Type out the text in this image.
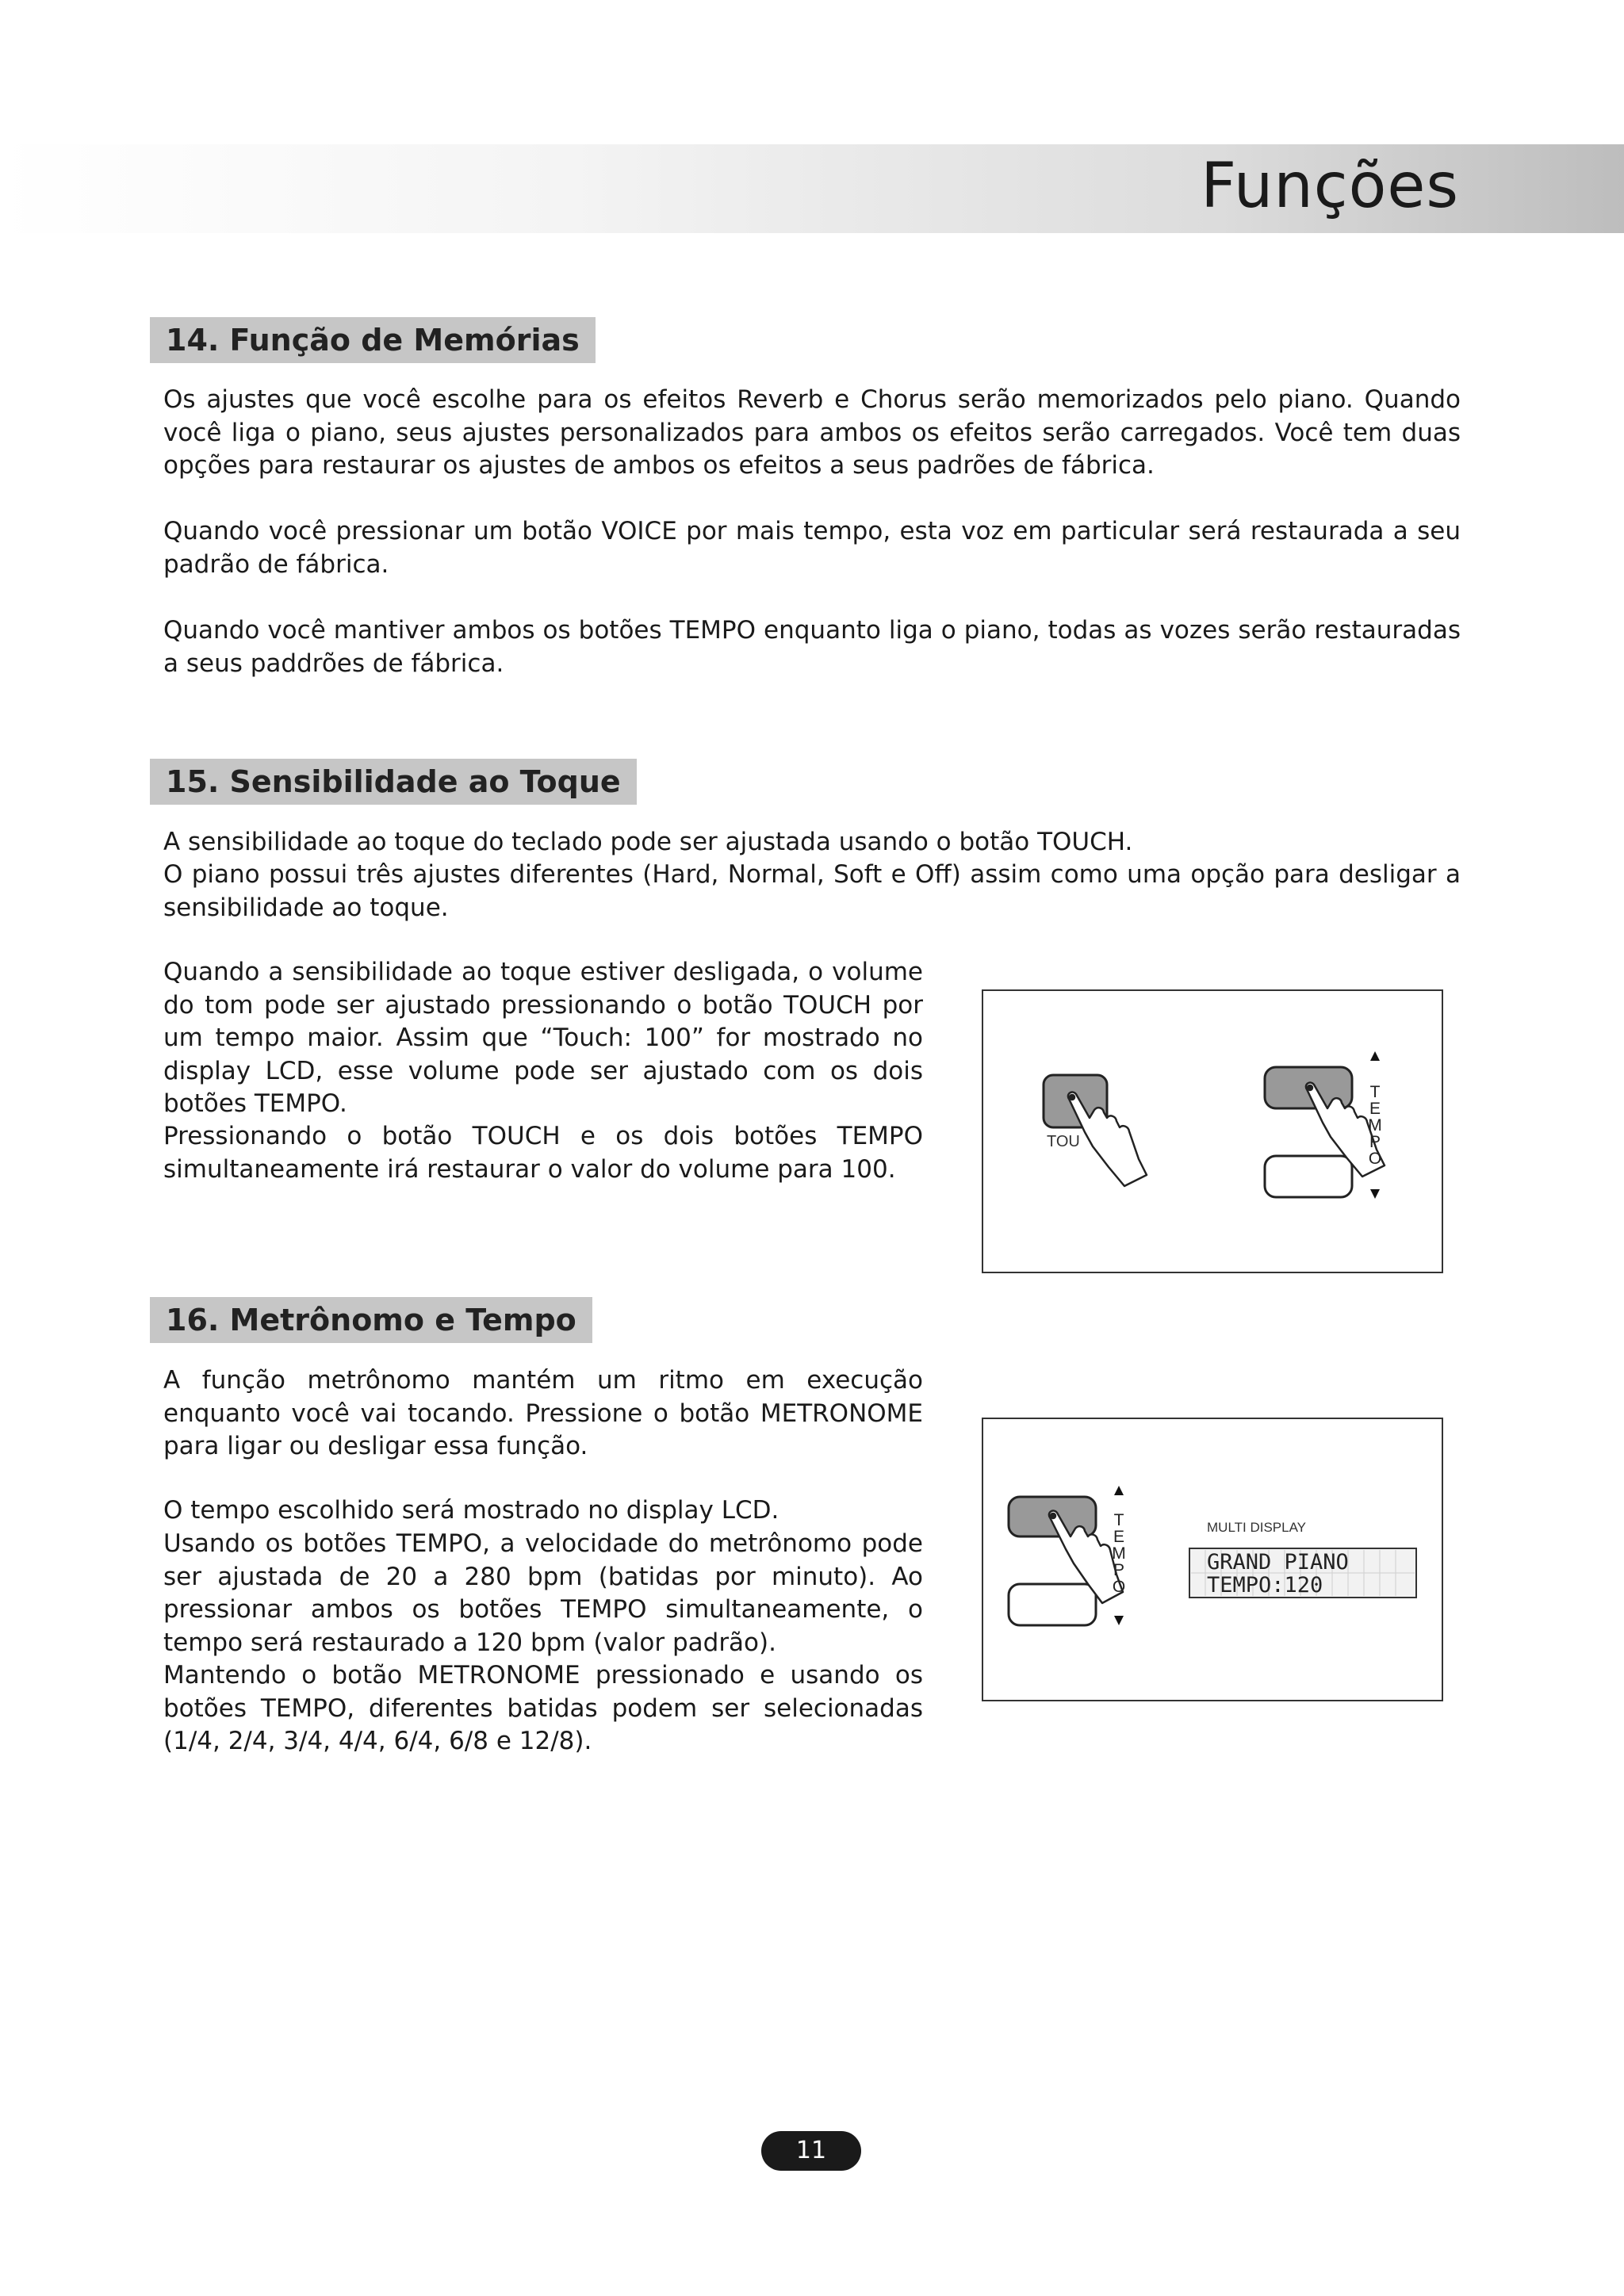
Funções
14. Função de Memórias

Os ajustes que você escolhe para os efeitos Reverb e Chorus serão memorizados pelo piano. Quando você liga o piano, seus ajustes personalizados para ambos os efeitos serão carregados. Você tem duas opções para restaurar os ajustes de ambos os efeitos a seus padrões de fábrica.

Quando você pressionar um botão VOICE por mais tempo, esta voz em particular será restaurada a seu padrão de fábrica.

Quando você mantiver ambos os botões TEMPO enquanto liga o piano, todas as vozes serão restauradas a seus paddrões de fábrica.

15. Sensibilidade ao Toque

A sensibilidade ao toque do teclado pode ser ajustada usando o botão TOUCH.

O piano possui três ajustes diferentes (Hard, Normal, Soft e Off) assim como uma opção para desligar a sensibilidade ao toque.

Quando a sensibilidade ao toque estiver desligada, o volume do tom pode ser ajustado pressionando o botão TOUCH por um tempo maior. Assim que “Touch: 100” for mostrado no display LCD, esse volume pode ser ajustado com os dois botões TEMPO.

Pressionando o botão TOUCH e os dois botões TEMPO simultaneamente irá restaurar o valor do volume para 100.

TOU
T
E
M
P
O
16. Metrônomo e Tempo

A função metrônomo mantém um ritmo em execução enquanto você vai tocando. Pressione o botão METRONOME para ligar ou desligar essa função.

O tempo escolhido será mostrado no display LCD.

Usando os botões TEMPO, a velocidade do metrônomo pode ser ajustada de 20 a 280 bpm (batidas por minuto). Ao pressionar ambos os botões TEMPO simultaneamente, o tempo será restaurado a 120 bpm (valor padrão).

Mantendo o botão METRONOME pressionado e usando os botões TEMPO, diferentes batidas podem ser selecionadas (1/4, 2/4, 3/4, 4/4, 6/4, 6/8 e 12/8).

T
E
M
P
O
MULTI DISPLAY
GRAND PIANO
TEMPO:120
11
